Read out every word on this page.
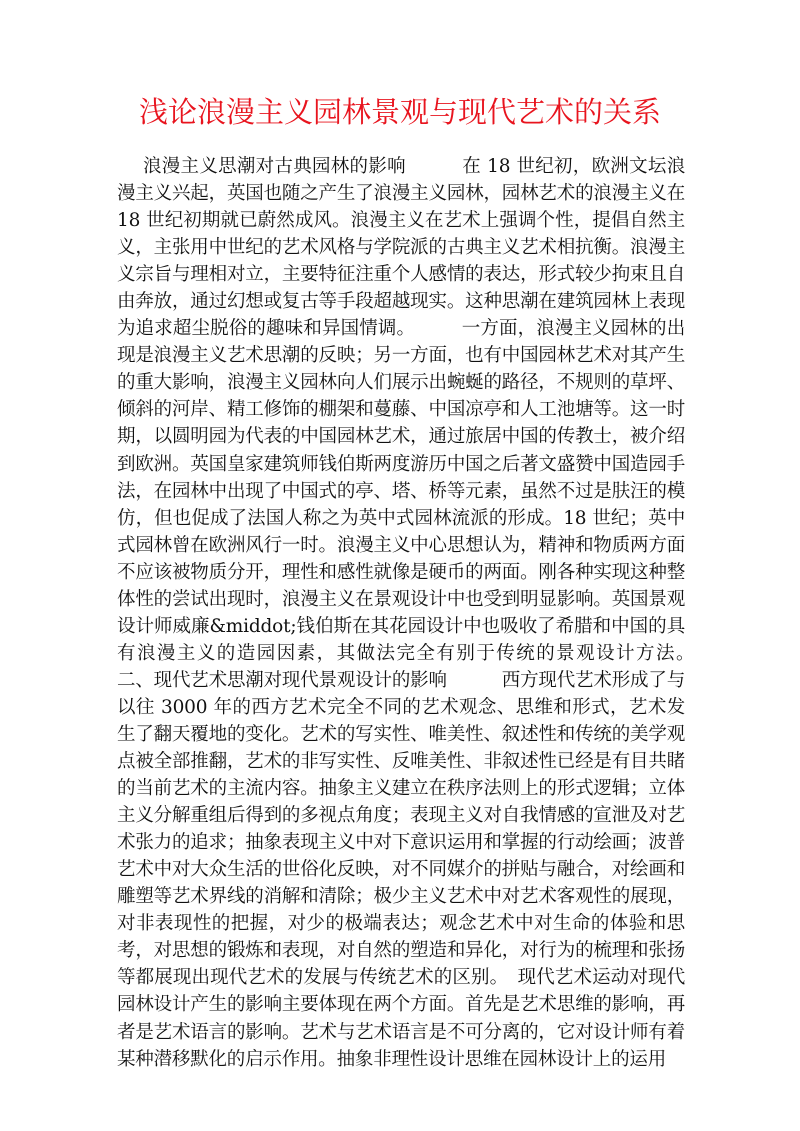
浅论浪漫主义园林景观与现代艺术的关系

浪漫主义思潮对古典园林的影响　　　在 18 世纪初，欧洲文坛浪漫主义兴起，英国也随之产生了浪漫主义园林，园林艺术的浪漫主义在 18 世纪初期就已蔚然成风。浪漫主义在艺术上强调个性，提倡自然主义，主张用中世纪的艺术风格与学院派的古典主义艺术相抗衡。浪漫主义宗旨与理相对立，主要特征注重个人感情的表达，形式较少拘束且自由奔放，通过幻想或复古等手段超越现实。这种思潮在建筑园林上表现为追求超尘脱俗的趣味和异国情调。　　　一方面，浪漫主义园林的出现是浪漫主义艺术思潮的反映；另一方面，也有中国园林艺术对其产生的重大影响，浪漫主义园林向人们展示出蜿蜒的路径，不规则的草坪、倾斜的河岸、精工修饰的棚架和蔓藤、中国凉亭和人工池塘等。这一时期，以圆明园为代表的中国园林艺术，通过旅居中国的传教士，被介绍到欧洲。英国皇家建筑师钱伯斯两度游历中国之后著文盛赞中国造园手法，在园林中出现了中国式的亭、塔、桥等元素，虽然不过是肤汪的模仿，但也促成了法国人称之为英中式园林流派的形成。18 世纪；英中式园林曾在欧洲风行一时。浪漫主义中心思想认为，精神和物质两方面不应该被物质分开，理性和感性就像是硬币的两面。刚各种实现这种整体性的尝试出现时，浪漫主义在景观设计中也受到明显影响。英国景观设计师威廉&middot;钱伯斯在其花园设计中也吸收了希腊和中国的具有浪漫主义的造园因素，其做法完全有别于传统的景观设计方法。　　二、现代艺术思潮对现代景观设计的影响　　　西方现代艺术形成了与以往 3000 年的西方艺术完全不同的艺术观念、思维和形式，艺术发生了翻天覆地的变化。艺术的写实性、唯美性、叙述性和传统的美学观点被全部推翻，艺术的非写实性、反唯美性、非叙述性已经是有目共睹的当前艺术的主流内容。抽象主义建立在秩序法则上的形式逻辑；立体主义分解重组后得到的多视点角度；表现主义对自我情感的宣泄及对艺术张力的追求；抽象表现主义中对下意识运用和掌握的行动绘画；波普艺术中对大众生活的世俗化反映，对不同媒介的拼贴与融合，对绘画和雕塑等艺术界线的消解和清除；极少主义艺术中对艺术客观性的展现，对非表现性的把握，对少的极端表达；观念艺术中对生命的体验和思考，对思想的锻炼和表现，对自然的塑造和异化，对行为的梳理和张扬等都展现出现代艺术的发展与传统艺术的区别。　现代艺术运动对现代园林设计产生的影响主要体现在两个方面。首先是艺术思维的影响，再者是艺术语言的影响。艺术与艺术语言是不可分离的，它对设计师有着某种潜移默化的启示作用。抽象非理性设计思维在园林设计上的运用
